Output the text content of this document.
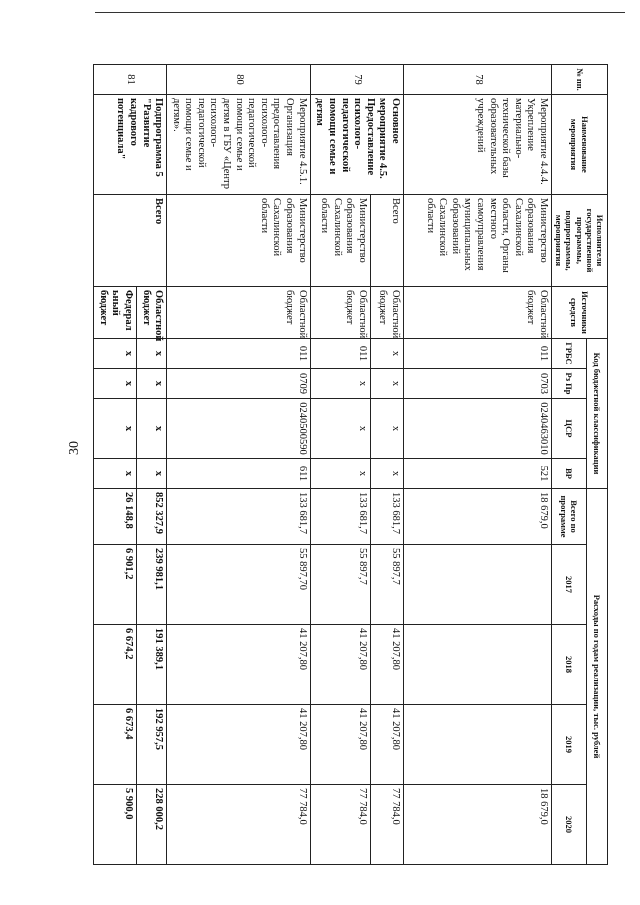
30
№ пп.	Наименование мероприятия	Исполнители государственной программы, подпрограммы, мероприятия	Источники средств	Код бюджетной классификации				Расходы по годам реализации, тыс. рублей				
				ГРБС	Рз Пр	ЦСР	ВР	Всего по программе	2017	2018	2019	2020
78	Мероприятие 4.4.4. Укрепление материально-технической базы образовательных учреждений	Министерство образования Сахалинской области, Органы местного самоуправления муниципальных образований Сахалинской области	Областной бюджет	011	0703	0240463010	521	18 679,0				18 679,0
79	Основное мероприятие 4.5. Предоставление психолого-педагогической помощи семье и детям	Всего	Областной бюджет	x	x	x	x	133 681,7	55 897,7	41 207,80	41 207,80	77 784,0
		Министерство образования Сахалинской области	Областной бюджет	011	x	x	x	133 681,7	55 897,7	41 207,80	41 207,80	77 784,0
80	Мероприятие 4.5.1. Организация предоставления психолого-педагогической помощи семье и детям в ГБУ «Центр психолого-педагогической помощи семье и детям».	Министерство образования Сахалинской области	Областной бюджет	011	0709	0240500590	611	133 681,7	55 897,70	41 207,80	41 207,80	77 784,0
81	Подпрограмма 5 "Развитие кадрового потенциала"	Всего	Областной бюджет	x	x	x	x	852 327,9	239 981,1	191 389,1	192 957,5	228 000,2
			Федеральный бюджет	x	x	x	x	26 148,8	6 901,2	6 674,2	6 673,4	5 900,0
